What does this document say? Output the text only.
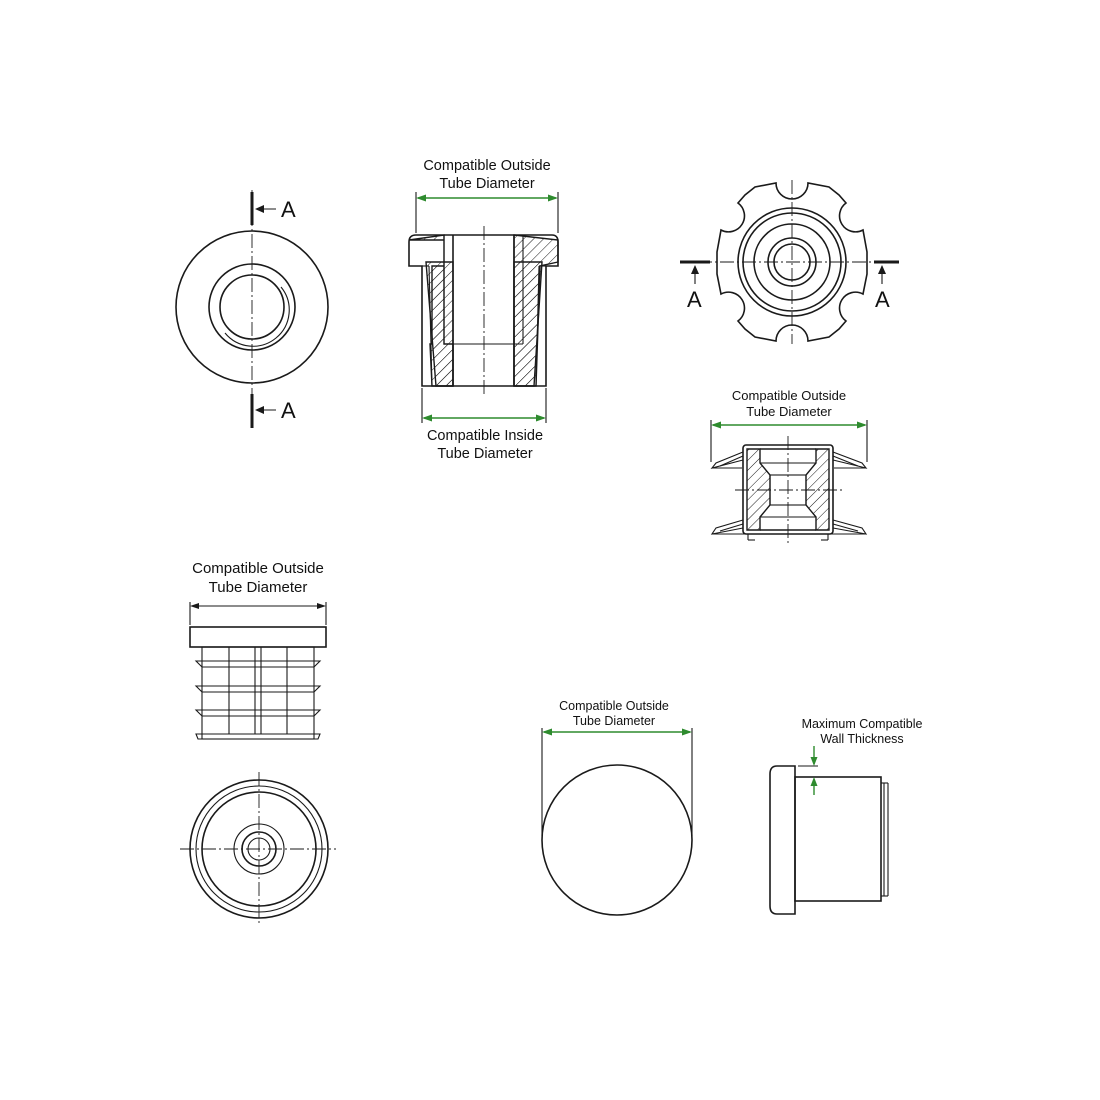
A
A
Compatible Outside
Tube Diameter
Compatible Inside
Tube Diameter
A	A
Compatible Outside
Tube Diameter
Compatible Outside
Tube Diameter
Compatible Outside
Tube Diameter	Maximum Compatible
Wall Thickness
